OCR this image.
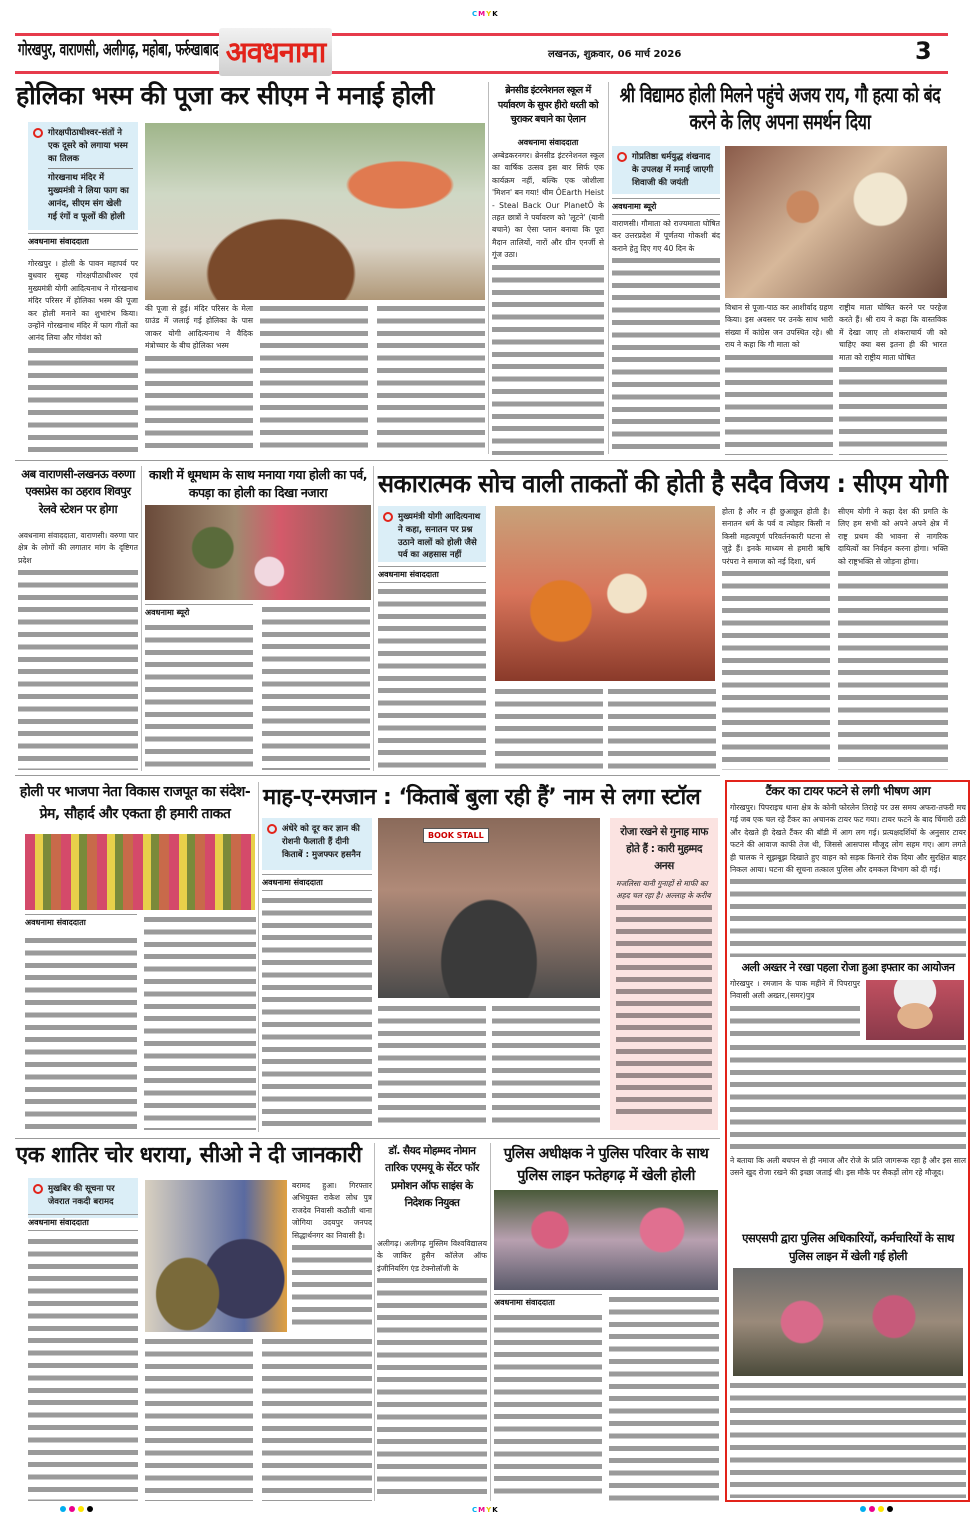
CMYK
गोरखपुर, वाराणसी, अलीगढ़, महोबा, फर्रुखाबाद अवधनामा	लखनऊ, शुक्रवार, 06 मार्च 2026	3
होलिका भस्म की पूजा कर सीएम ने मनाई होली
गोरक्षपीठाधीश्वर-संतों ने एक दूसरे को लगाया भस्म का तिलक
गोरखनाथ मंदिर में मुख्यमंत्री ने लिया फाग का आनंद, सीएम संग खेली गई रंगों व फूलों की होली
अवधनामा संवाददाता
गोरखपुर । होली के पावन महापर्व पर बुधवार सुबह गोरक्षपीठाधीश्वर एवं मुख्यमंत्री योगी आदित्यनाथ ने गोरखनाथ मंदिर परिसर में होलिका भस्म की पूजा कर होली मनाने का शुभारंभ किया। उन्होंने गोरखनाथ मंदिर में फाग गीतों का आनंद लिया और गोवंश को
की पूजा से हुई। मंदिर परिसर के मेला ग्राउंड में जलाई गई होलिका के पास जाकर योगी आदित्यनाथ ने वैदिक मंत्रोच्चार के बीच होलिका भस्म
ब्रेनसीड इंटरनेशनल स्कूल में पर्यावरण के सुपर हीरो धरती को चुराकर बचाने का ऐलान
अवधनामा संवाददाता
अम्बेडकरनगर। ब्रेनसीड इंटरनेशनल स्कूल का वार्षिक उत्सव इस बार सिर्फ एक कार्यक्रम नहीं, बल्कि एक जोशीला 'मिशन' बन गया! थीम ÔEarth Heist - Steal Back Our PlanetÕ के तहत छात्रों ने पर्यावरण को 'लूटने' (यानी बचाने) का ऐसा प्लान बनाया कि पूरा मैदान तालियों, नारों और ग्रीन एनर्जी से गूंज उठा।
श्री विद्यामठ होली मिलने पहुंचे अजय राय, गौ हत्या को बंद करने के लिए अपना समर्थन दिया
गोप्रतिष्ठा धर्मयुद्ध शंखनाद के उपलक्ष में मनाई जाएगी शिवाजी की जयंती
अवधनामा ब्यूरो
वाराणसी। गौमाता को राज्यमाता घोषित कर उत्तरप्रदेश में पूर्णतया गोकशी बंद कराने हेतु दिए गए 40 दिन के
विधान से पूजा-पाठ कर आशीर्वाद ग्रहण किया। इस अवसर पर उनके साथ भारी संख्या में कांग्रेस जन उपस्थित रहे। श्री राय ने कहा कि गौ माता को
राष्ट्रीय माता घोषित करने पर परहेज करते हैं। श्री राय ने कहा कि वास्तविक में देखा जाए तो शंकराचार्य जी को चाहिए क्या बस इतना ही की भारत माता को राष्ट्रीय माता घोषित
अब वाराणसी-लखनऊ वरुणा एक्सप्रेस का ठहराव शिवपुर रेलवे स्टेशन पर होगा
अवधनामा संवाददाता, वाराणसी। वरुणा पार क्षेत्र के लोगों की लगातार मांग के दृष्टिगत प्रदेश
काशी में धूमधाम के साथ मनाया गया होली का पर्व, कपड़ा का होली का दिखा नजारा
अवधनामा ब्यूरो
सकारात्मक सोच वाली ताकतों की होती है सदैव विजय : सीएम योगी
मुख्यमंत्री योगी आदित्यनाथ ने कहा, सनातन पर प्रश्न उठाने वालों को होली जैसे पर्व का अहसास नहीं
अवधनामा संवाददाता
होता है और न ही छुआछूत होती है। सनातन धर्म के पर्व व त्योहार किसी न किसी महत्वपूर्ण परिवर्तनकारी घटना से जुड़े हैं। इनके माध्यम से हमारी ऋषि परंपरा ने समाज को नई दिशा, धर्म
सीएम योगी ने कहा देश की प्रगति के लिए हम सभी को अपने अपने क्षेत्र में राष्ट्र प्रथम की भावना से नागरिक दायित्वों का निर्वहन करना होगा। भक्ति को राष्ट्रभक्ति से जोड़ना होगा।
होली पर भाजपा नेता विकास राजपूत का संदेश- प्रेम, सौहार्द और एकता ही हमारी ताकत
अवधनामा संवाददाता
माह-ए-रमजान : ‘किताबें बुला रही हैं’ नाम से लगा स्टॉल
अंधेरे को दूर कर ज्ञान की रोशनी फैलाती हैं दीनी किताबें : मुजफ्फर हसनैन
अवधनामा संवाददाता
BOOK STALL	रोजा रखने से गुनाह माफ होते हैं : कारी मुहम्मद अनस
मजलिसा यानी गुनाहों से माफी का अहद चल रहा है। अल्लाह के करीब
टैंकर का टायर फटने से लगी भीषण आग
गोरखपुर। पिपराइच थाना क्षेत्र के कोनी फोरलेन तिराहे पर उस समय अफरा-तफरी मच गई जब एक चल रहे टैंकर का अचानक टायर फट गया। टायर फटने के बाद चिंगारी उठी और देखते ही देखते टैंकर की बॉडी में आग लग गई। प्रत्यक्षदर्शियों के अनुसार टायर फटने की आवाज काफी तेज थी, जिससे आसपास मौजूद लोग सहम गए। आग लगते ही चालक ने सूझबूझ दिखाते हुए वाहन को सड़क किनारे रोक दिया और सुरक्षित बाहर निकल आया। घटना की सूचना तत्काल पुलिस और दमकल विभाग को दी गई।
अली अख्तर ने रखा पहला रोजा हुआ इफ्तार का आयोजन
गोरखपुर । रमजान के पाक महीने में पिपरापुर निवासी अली अख्तर,(समर)पुत्र
ने बताया कि अली बचपन से ही नमाज और रोजे के प्रति जागरूक रहा है और इस साल उसने खुद रोजा रखने की इच्छा जताई थी। इस मौके पर सैकड़ों लोग रहे मौजूद।
एसएसपी द्वारा पुलिस अधिकारियों, कर्मचारियों के साथ पुलिस लाइन में खेली गई होली
एक शातिर चोर धराया, सीओ ने दी जानकारी
मुखबिर की सूचना पर जेवरात नकदी बरामद
अवधनामा संवाददाता
बरामद हुआ। गिरफ्तार अभियुक्त राकेश लोध पुत्र राजदेव निवासी कठौती थाना जोगिया उदयपुर जनपद सिद्धार्थनगर का निवासी है।
डॉ. सैयद मोहम्मद नोमान तारिक एएमयू के सेंटर फॉर प्रमोशन ऑफ साइंस के निदेशक नियुक्त
अलीगढ़। अलीगढ़ मुस्लिम विश्वविद्यालय के जाकिर हुसैन कॉलेज ऑफ इंजीनियरिंग एंड टेक्नोलॉजी के
पुलिस अधीक्षक ने पुलिस परिवार के साथ पुलिस लाइन फतेहगढ़ में खेली होली
अवधनामा संवाददाता
CMYK
